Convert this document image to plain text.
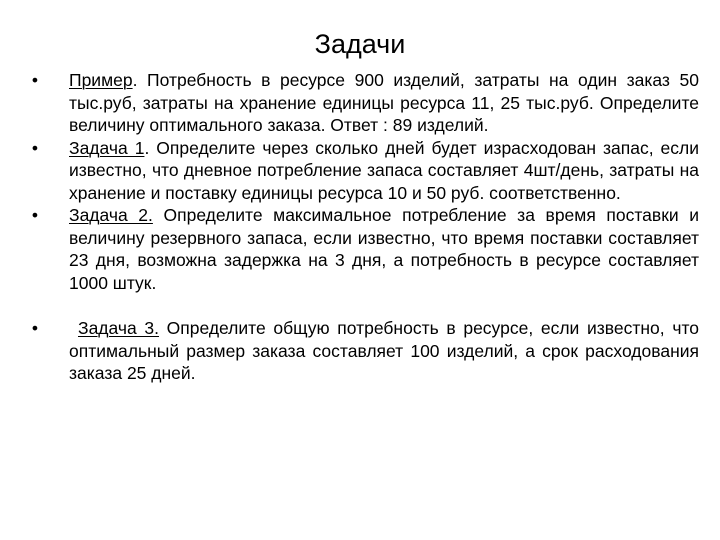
Задачи
• Пример. Потребность в ресурсе 900 изделий, затраты на один заказ 50 тыс.руб, затраты на хранение единицы ресурса 11, 25 тыс.руб. Определите величину оптимального заказа. Ответ : 89 изделий.
• Задача 1. Определите через сколько дней будет израсходован запас, если известно, что дневное потребление запаса составляет 4шт/день, затраты на хранение и поставку единицы ресурса 10 и 50 руб. соответственно.
• Задача 2. Определите максимальное потребление за время поставки и величину резервного запаса, если известно, что время поставки составляет 23 дня, возможна задержка на 3 дня, а потребность в ресурсе составляет 1000 штук.
• Задача 3. Определите общую потребность в ресурсе, если известно, что оптимальный размер заказа составляет 100 изделий, а срок расходования заказа 25 дней.
